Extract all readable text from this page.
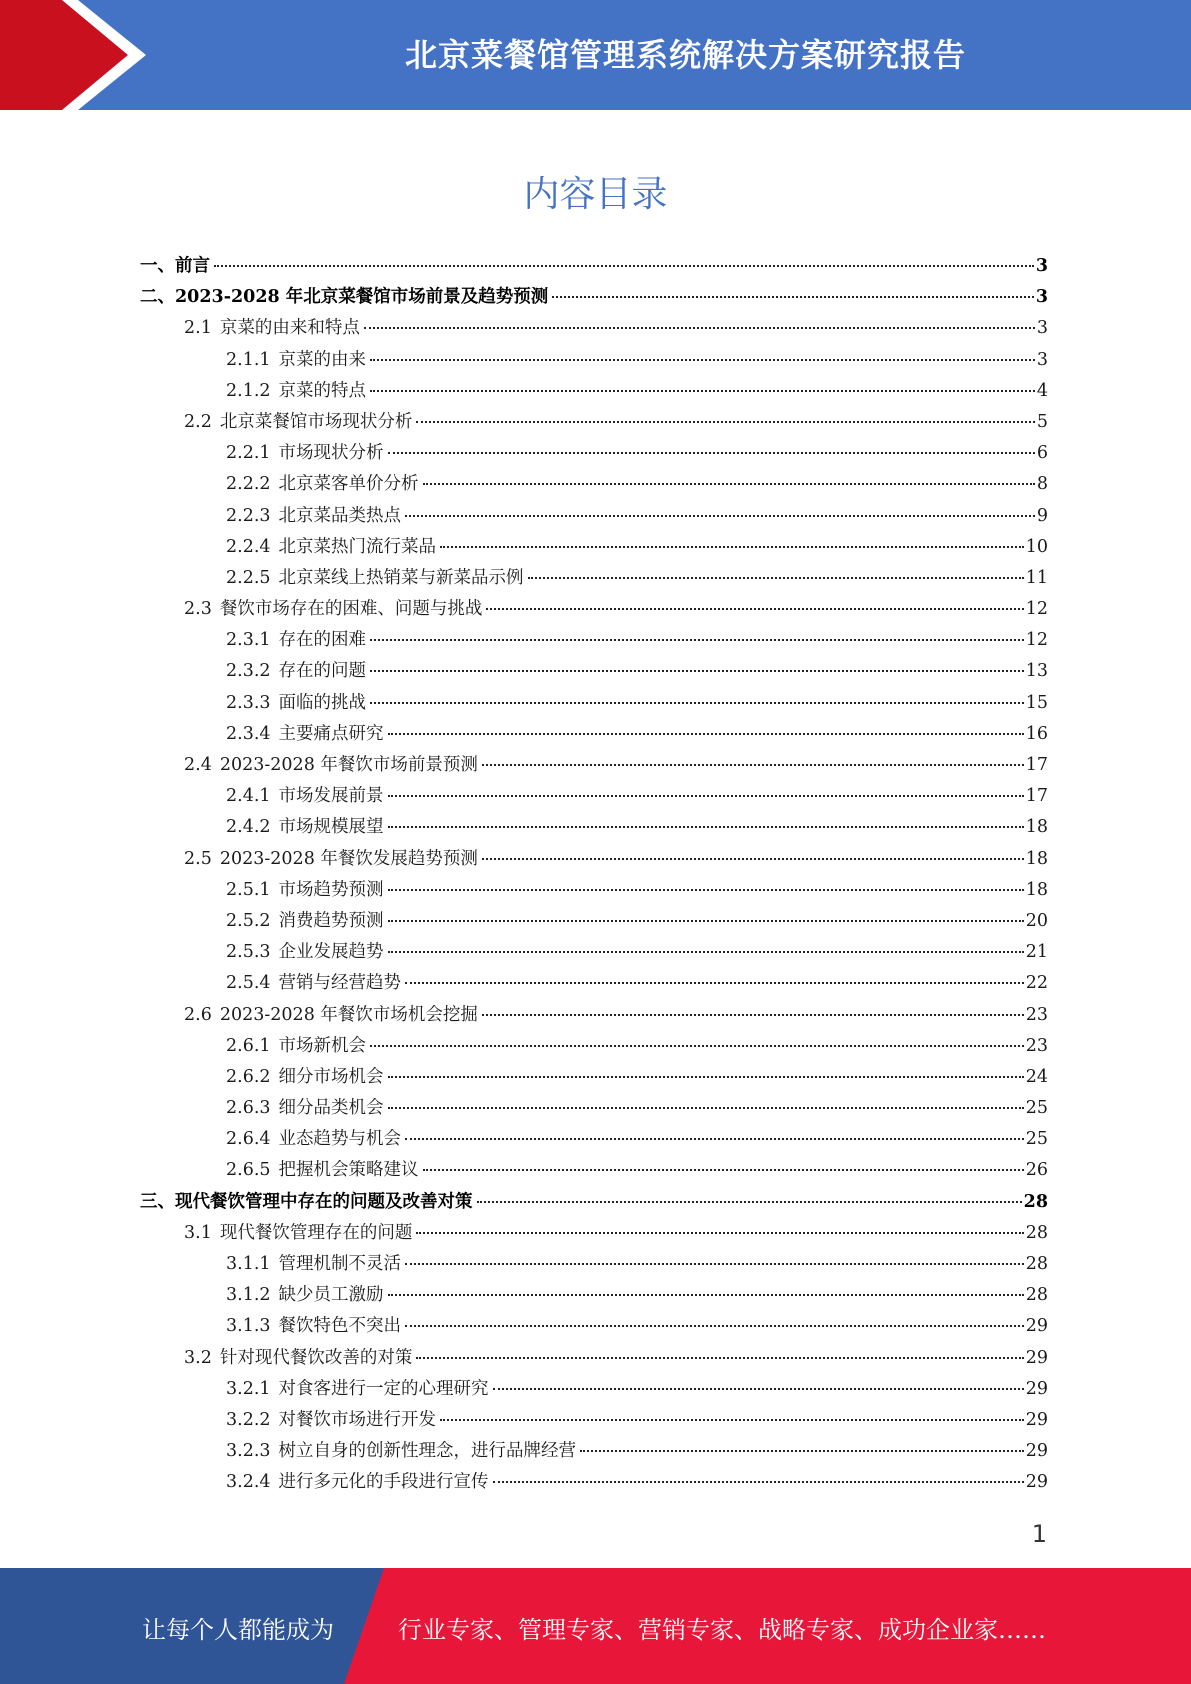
北京菜餐馆管理系统解决方案研究报告
内容目录
一、前言	3
二、2023-2028 年北京菜餐馆市场前景及趋势预测	3
2.1 京菜的由来和特点	3
2.1.1 京菜的由来	3
2.1.2 京菜的特点	4
2.2 北京菜餐馆市场现状分析	5
2.2.1 市场现状分析	6
2.2.2 北京菜客单价分析	8
2.2.3 北京菜品类热点	9
2.2.4 北京菜热门流行菜品	10
2.2.5 北京菜线上热销菜与新菜品示例	11
2.3 餐饮市场存在的困难、问题与挑战	12
2.3.1 存在的困难	12
2.3.2 存在的问题	13
2.3.3 面临的挑战	15
2.3.4 主要痛点研究	16
2.4 2023-2028 年餐饮市场前景预测	17
2.4.1 市场发展前景	17
2.4.2 市场规模展望	18
2.5 2023-2028 年餐饮发展趋势预测	18
2.5.1 市场趋势预测	18
2.5.2 消费趋势预测	20
2.5.3 企业发展趋势	21
2.5.4 营销与经营趋势	22
2.6 2023-2028 年餐饮市场机会挖掘	23
2.6.1 市场新机会	23
2.6.2 细分市场机会	24
2.6.3 细分品类机会	25
2.6.4 业态趋势与机会	25
2.6.5 把握机会策略建议	26
三、现代餐饮管理中存在的问题及改善对策	28
3.1 现代餐饮管理存在的问题	28
3.1.1 管理机制不灵活	28
3.1.2 缺少员工激励	28
3.1.3 餐饮特色不突出	29
3.2 针对现代餐饮改善的对策	29
3.2.1 对食客进行一定的心理研究	29
3.2.2 对餐饮市场进行开发	29
3.2.3 树立自身的创新性理念，进行品牌经营	29
3.2.4 进行多元化的手段进行宣传	29
1
让每个人都能成为	行业专家、管理专家、营销专家、战略专家、成功企业家……
